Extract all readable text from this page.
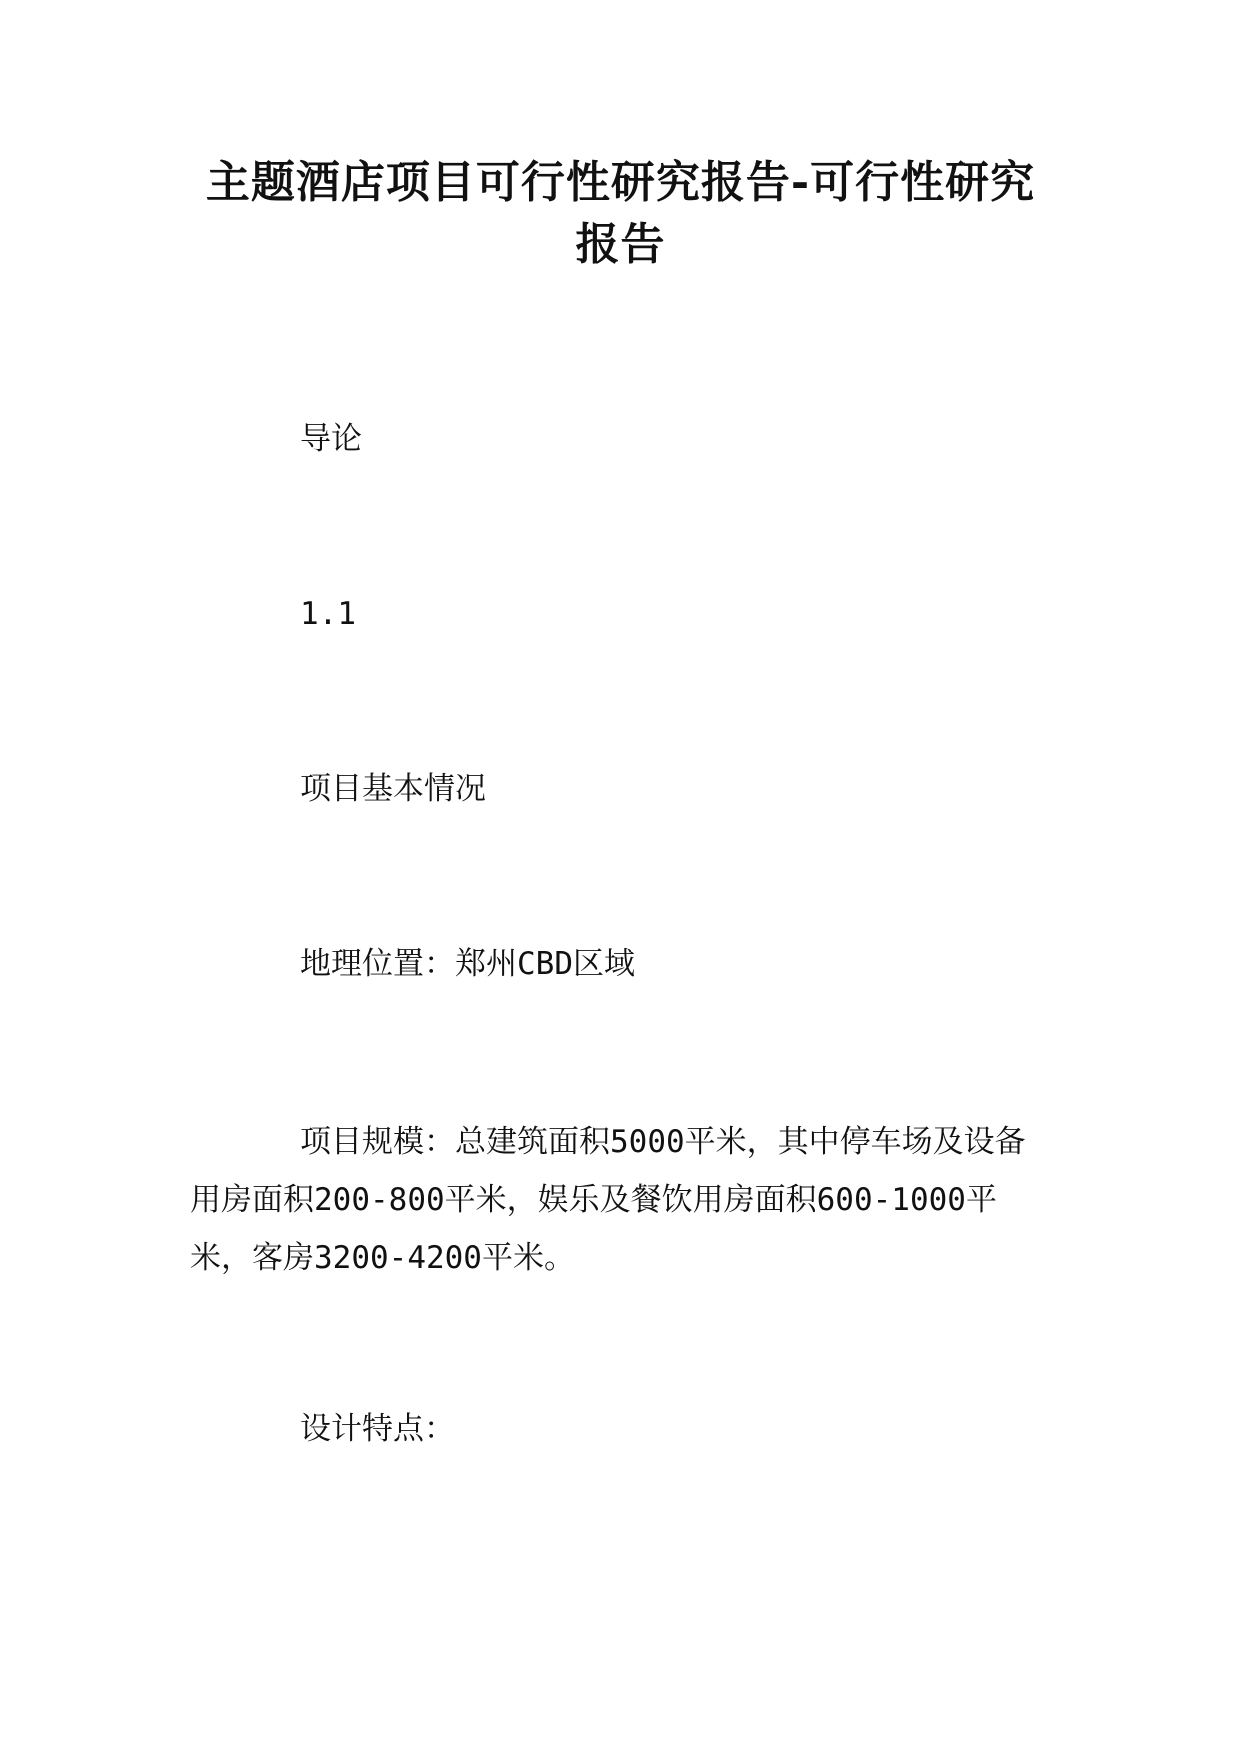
主题酒店项目可行性研究报告-可行性研究报告

导论

1.1

项目基本情况

地理位置：郑州CBD区域

项目规模：总建筑面积5000平米，其中停车场及设备用房面积200-800平米，娱乐及餐饮用房面积600-1000平米，客房3200-4200平米。

设计特点：
